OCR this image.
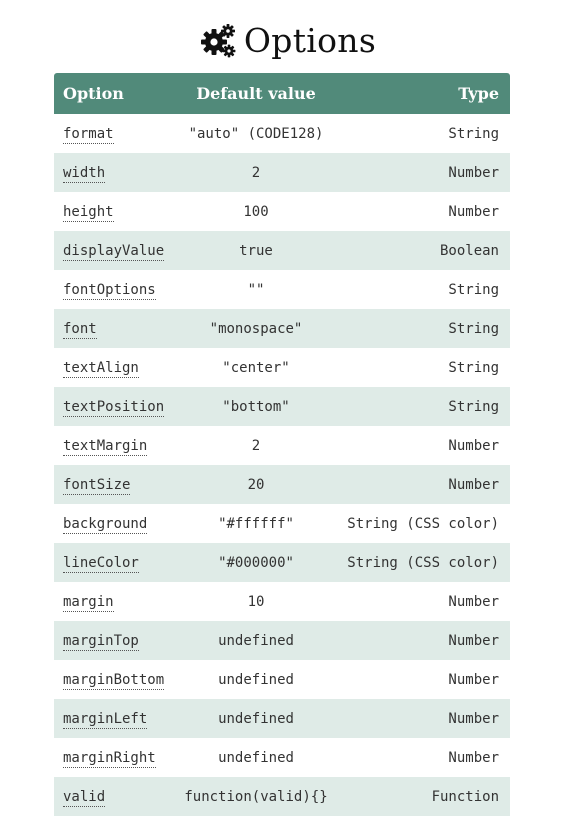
Options
Option	Default value	Type
format	"auto" (CODE128)	String
width	2	Number
height	100	Number
displayValue	true	Boolean
fontOptions	""	String
font	"monospace"	String
textAlign	"center"	String
textPosition	"bottom"	String
textMargin	2	Number
fontSize	20	Number
background	"#ffffff"	String (CSS color)
lineColor	"#000000"	String (CSS color)
margin	10	Number
marginTop	undefined	Number
marginBottom	undefined	Number
marginLeft	undefined	Number
marginRight	undefined	Number
valid	function(valid){}	Function
